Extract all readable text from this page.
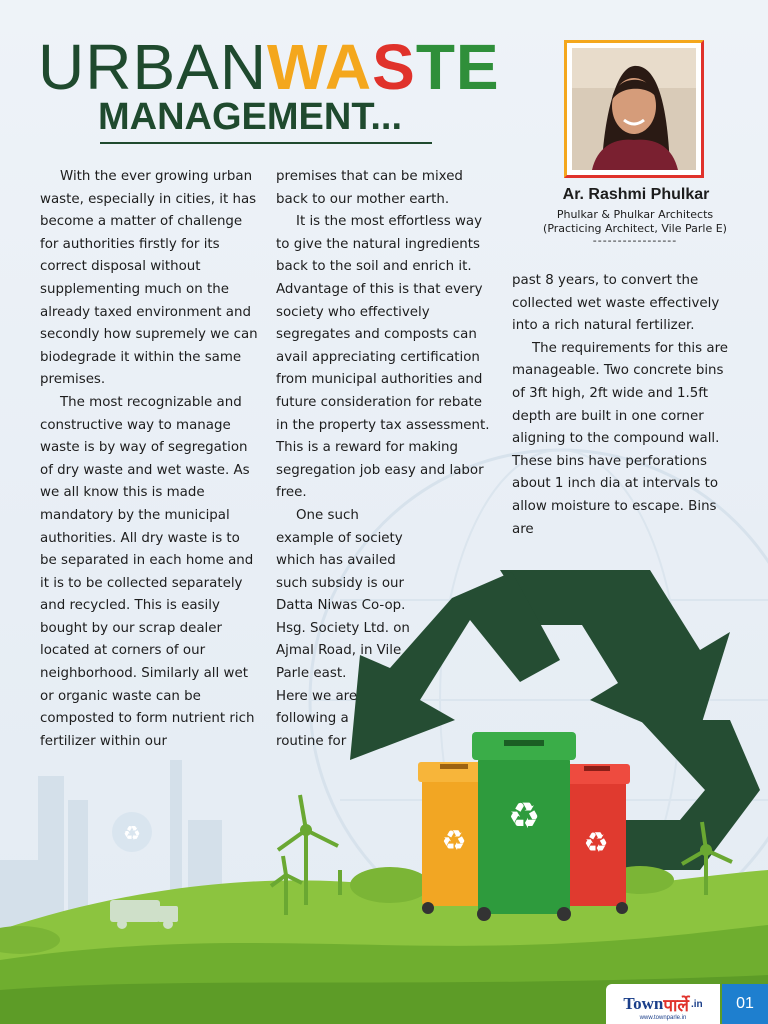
♻	♻	♻
♻
URBANWASTE
MANAGEMENT...
Ar. Rashmi Phulkar
Phulkar & Phulkar Architects
(Practicing Architect, Vile Parle E)
-----------------

With the ever growing urban waste, especially in cities, it has become a matter of challenge for authorities firstly for its correct disposal without supplementing much on the already taxed environment and secondly how supremely we can biodegrade it within the same premises.

The most recognizable and constructive way to manage waste is by way of segregation of dry waste and wet waste. As we all know this is made mandatory by the municipal authorities. All dry waste is to be separated in each home and it is to be collected separately and recycled. This is easily bought by our scrap dealer located at corners of our neighborhood. Similarly all wet or organic waste can be composted to form nutrient rich fertilizer within our

premises that can be mixed back to our mother earth.

It is the most effortless way to give the natural ingredients back to the soil and enrich it. Advantage of this is that every society who effectively segregates and composts can avail appreciating certification from municipal authorities and future consideration for rebate in the property tax assessment. This is a reward for making segregation job easy and labor free.

One such example of society which has availed such subsidy is our Datta Niwas Co-op. Hsg. Society Ltd. on Ajmal Road, in Vile Parle east.

Here we are following a routine for

past 8 years, to convert the collected wet waste effectively into a rich natural fertilizer.

The requirements for this are manageable. Two concrete bins of 3ft high, 2ft wide and 1.5ft depth are built in one corner aligning to the compound wall. These bins have perforations about 1 inch dia at intervals to allow moisture to escape. Bins are

Town पार्ले .in
www.townparle.in
01
